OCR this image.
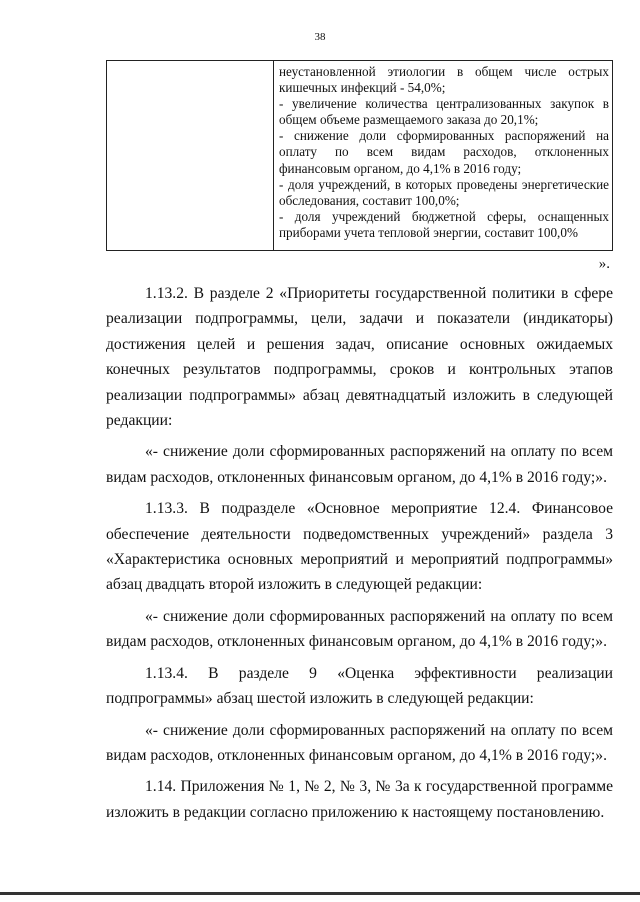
38
неустановленной этиологии в общем числе острых кишечных инфекций - 54,0%;
- увеличение количества централизованных закупок в общем объеме размещаемого заказа до 20,1%;
- снижение доли сформированных распоряжений на оплату по всем видам расходов, отклоненных финансовым органом, до 4,1% в 2016 году;
- доля учреждений, в которых проведены энергетические обследования, составит 100,0%;
- доля учреждений бюджетной сферы, оснащенных приборами учета тепловой энергии, составит 100,0%
».

1.13.2. В разделе 2 «Приоритеты государственной политики в сфере реализации подпрограммы, цели, задачи и показатели (индикаторы) достижения целей и решения задач, описание основных ожидаемых конечных результатов подпрограммы, сроков и контрольных этапов реализации подпрограммы» абзац девятнадцатый изложить в следующей редакции:

«- снижение доли сформированных распоряжений на оплату по всем видам расходов, отклоненных финансовым органом, до 4,1% в 2016 году;».

1.13.3. В подразделе «Основное мероприятие 12.4. Финансовое обеспечение деятельности подведомственных учреждений» раздела 3 «Характеристика основных мероприятий и мероприятий подпрограммы» абзац двадцать второй изложить в следующей редакции:

«- снижение доли сформированных распоряжений на оплату по всем видам расходов, отклоненных финансовым органом, до 4,1% в 2016 году;».

1.13.4. В разделе 9 «Оценка эффективности реализации подпрограммы» абзац шестой изложить в следующей редакции:

«- снижение доли сформированных распоряжений на оплату по всем видам расходов, отклоненных финансовым органом, до 4,1% в 2016 году;».

1.14. Приложения № 1, № 2, № 3, № 3а к государственной программе изложить в редакции согласно приложению к настоящему постановлению.
